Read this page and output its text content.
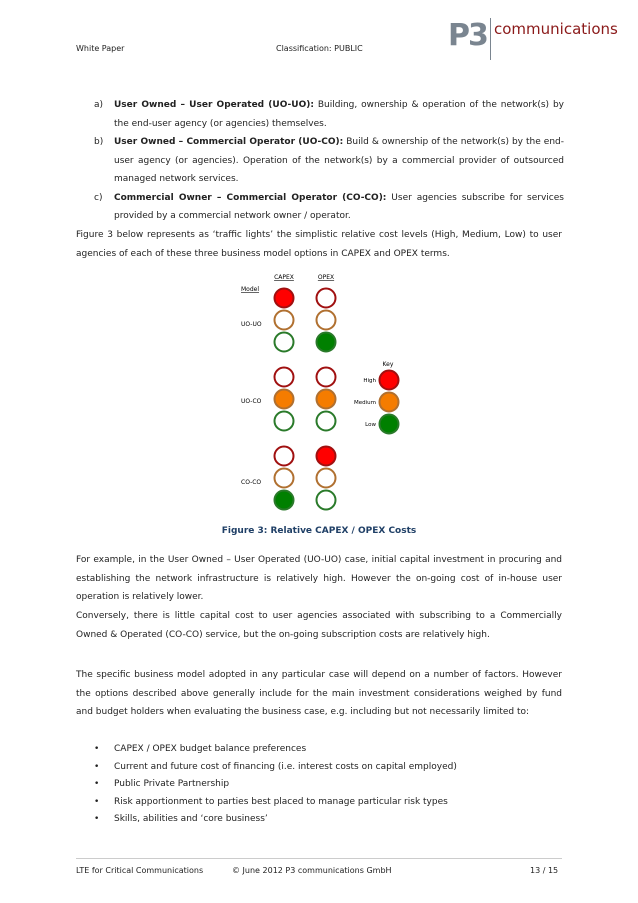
White Paper	Classification: PUBLIC	P3 communications
a) User Owned – User Operated (UO-UO): Building, ownership & operation of the network(s) by the end-user agency (or agencies) themselves.
b) User Owned – Commercial Operator (UO-CO): Build & ownership of the network(s) by the end-user agency (or agencies). Operation of the network(s) by a commercial provider of outsourced managed network services.
c) Commercial Owner – Commercial Operator (CO-CO): User agencies subscribe for services provided by a commercial network owner / operator.
Figure 3 below represents as ‘traffic lights’ the simplistic relative cost levels (High, Medium, Low) to user agencies of each of these three business model options in CAPEX and OPEX terms.
CAPEX	OPEX
Model
UO-UO
UO-CO
CO-CO
Key
High
Medium
Low
Figure 3: Relative CAPEX / OPEX Costs
For example, in the User Owned – User Operated (UO-UO) case, initial capital investment in procuring and establishing the network infrastructure is relatively high. However the on-going cost of in-house user operation is relatively lower.
Conversely, there is little capital cost to user agencies associated with subscribing to a Commercially Owned & Operated (CO-CO) service, but the on-going subscription costs are relatively high.
The specific business model adopted in any particular case will depend on a number of factors. However the options described above generally include for the main investment considerations weighed by fund and budget holders when evaluating the business case, e.g. including but not necessarily limited to:
• CAPEX / OPEX budget balance preferences
• Current and future cost of financing (i.e. interest costs on capital employed)
• Public Private Partnership
• Risk apportionment to parties best placed to manage particular risk types
• Skills, abilities and ‘core business’
LTE for Critical Communications	© June 2012 P3 communications GmbH	13 / 15
